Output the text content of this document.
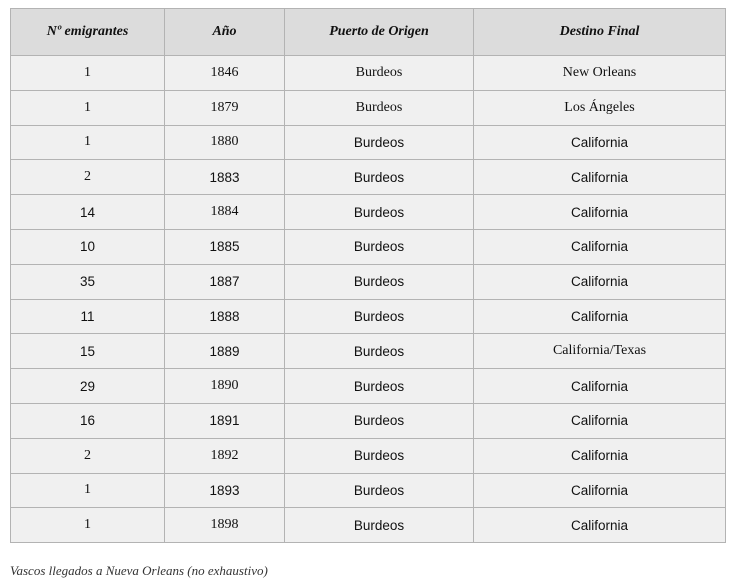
Nº emigrantes	Año	Puerto de Origen	Destino Final
1	1846	Burdeos	New Orleans
1	1879	Burdeos	Los Ángeles
1	1880	Burdeos	California
2	1883	Burdeos	California
14	1884	Burdeos	California
10	1885	Burdeos	California
35	1887	Burdeos	California
11	1888	Burdeos	California
15	1889	Burdeos	California/Texas
29	1890	Burdeos	California
16	1891	Burdeos	California
2	1892	Burdeos	California
1	1893	Burdeos	California
1	1898	Burdeos	California
Vascos llegados a Nueva Orleans (no exhaustivo)
